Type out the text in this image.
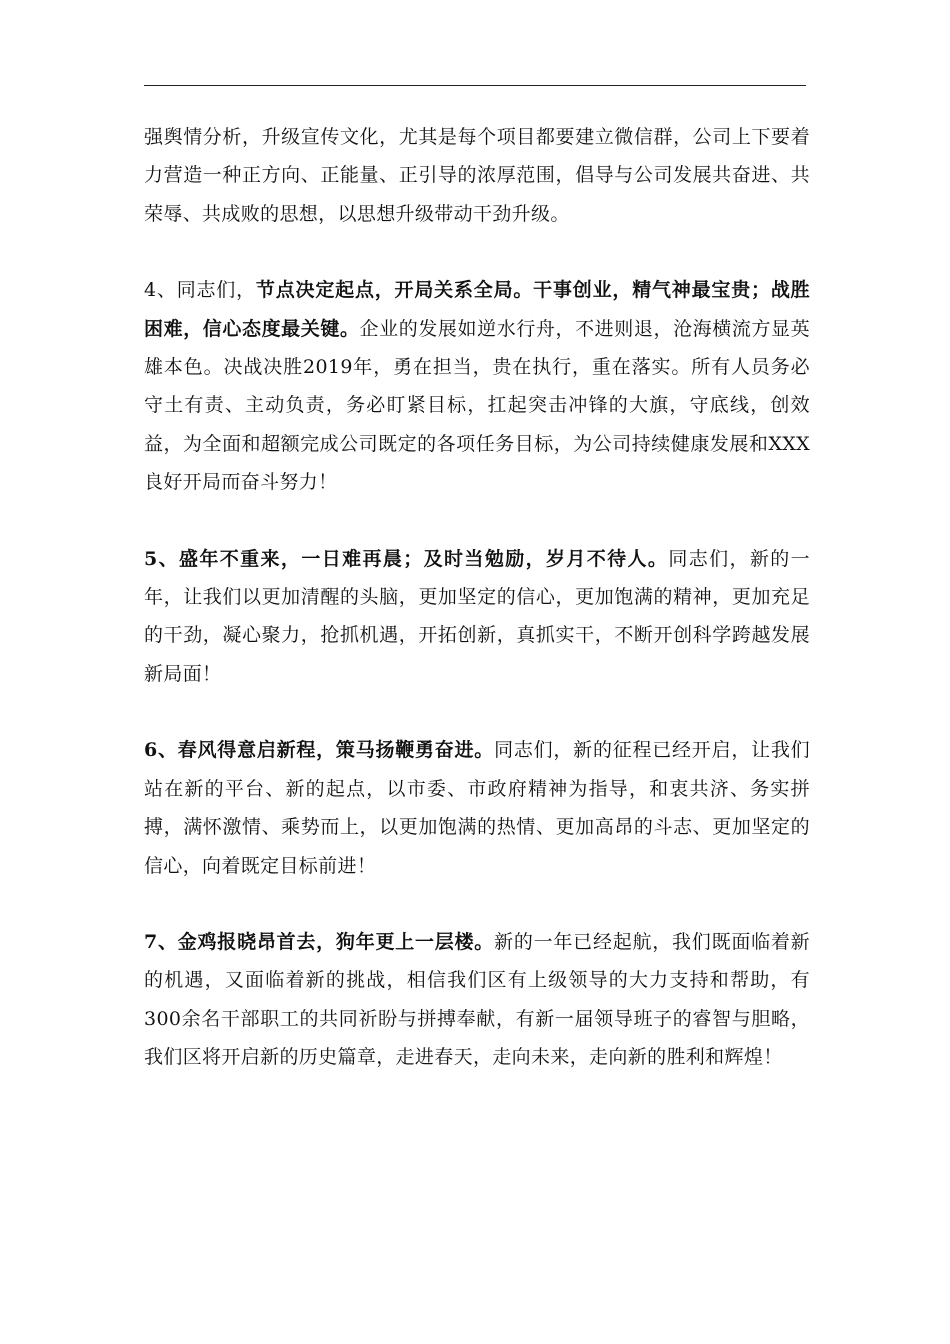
强舆情分析，升级宣传文化，尤其是每个项目都要建立微信群，公司上下要着力营造一种正方向、正能量、正引导的浓厚范围，倡导与公司发展共奋进、共荣辱、共成败的思想，以思想升级带动干劲升级。

4、同志们，节点决定起点，开局关系全局。干事创业，精气神最宝贵；战胜困难，信心态度最关键。企业的发展如逆水行舟，不进则退，沧海横流方显英雄本色。决战决胜2019年，勇在担当，贵在执行，重在落实。所有人员务必守土有责、主动负责，务必盯紧目标，扛起突击冲锋的大旗，守底线，创效益，为全面和超额完成公司既定的各项任务目标，为公司持续健康发展和XXX良好开局而奋斗努力！

5、盛年不重来，一日难再晨；及时当勉励，岁月不待人。同志们，新的一年，让我们以更加清醒的头脑，更加坚定的信心，更加饱满的精神，更加充足的干劲，凝心聚力，抢抓机遇，开拓创新，真抓实干，不断开创科学跨越发展新局面！

6、春风得意启新程，策马扬鞭勇奋进。同志们，新的征程已经开启，让我们站在新的平台、新的起点，以市委、市政府精神为指导，和衷共济、务实拼搏，满怀激情、乘势而上，以更加饱满的热情、更加高昂的斗志、更加坚定的信心，向着既定目标前进！

7、金鸡报晓昂首去，狗年更上一层楼。新的一年已经起航，我们既面临着新的机遇，又面临着新的挑战，相信我们区有上级领导的大力支持和帮助，有300余名干部职工的共同祈盼与拼搏奉献，有新一届领导班子的睿智与胆略，我们区将开启新的历史篇章，走进春天，走向未来，走向新的胜利和辉煌！
